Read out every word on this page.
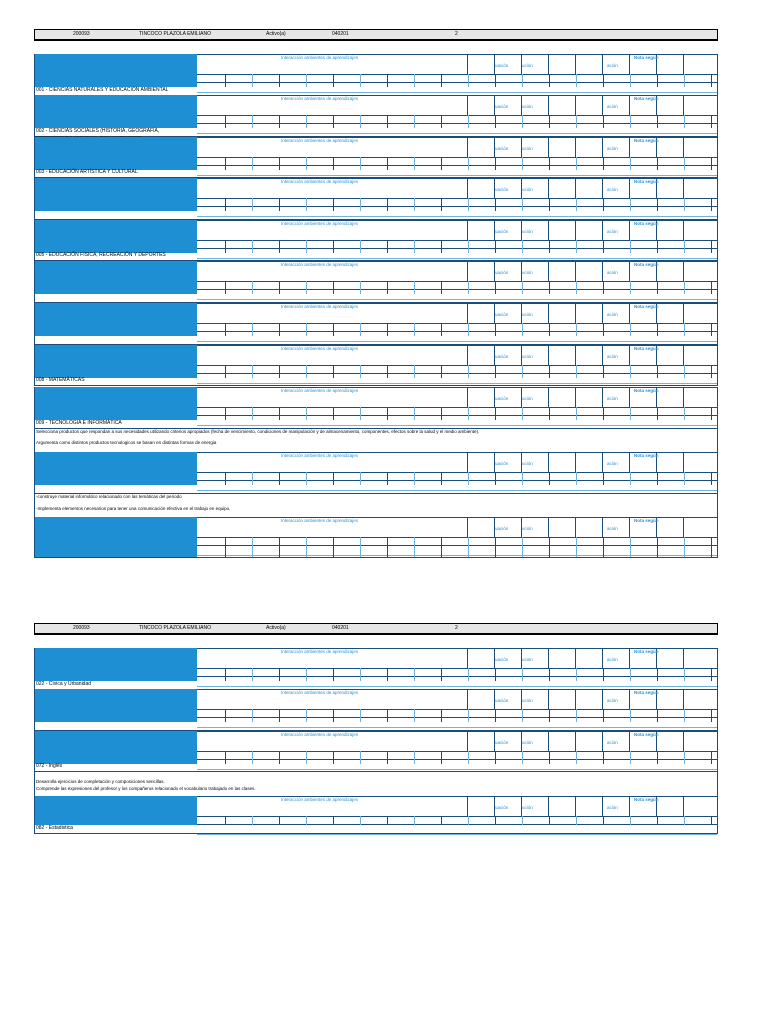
200093	TINCOCO PLAZOLA EMILIANO	Activo(a)	040201	2
Interacción ambientes de aprendizajes
uación	ución	ación
Nota según
001 - CIENCIAS NATURALES Y EDUCACIÓN AMBIENTAL
Interacción ambientes de aprendizajes
uación	ución	ación
Nota según
002 - CIENCIAS SOCIALES (HISTORIA, GEOGRAFÍA,
Interacción ambientes de aprendizajes
uación	ución	ación
Nota según
003 - EDUCACIÓN ARTÍSTICA Y CULTURAL
Interacción ambientes de aprendizajes
uación	ución	ación
Nota según
Interacción ambientes de aprendizajes
uación	ución	ación
Nota según
005 - EDUCACIÓN FÍSICA, RECREACIÓN Y DEPORTES
Interacción ambientes de aprendizajes
uación	ución	ación
Nota según
Interacción ambientes de aprendizajes
uación	ución	ación
Nota según
Interacción ambientes de aprendizajes
uación	ución	ación
Nota según
008 - MATEMÁTICAS
Interacción ambientes de aprendizajes
uación	ución	ación
Nota según
009 - TECNOLOGIA E INFORMÁTICA
Selecciona productos que respondan a sus necesidades utilizando criterios apropiados (fecha de vencimiento, condiciones de manipulación y de almacenamiento, componentes, efectos sobre la salud y el medio ambiente).
Argumenta como distintos productos tecnologicos se basan en distintas formas de energia
Interacción ambientes de aprendizajes
uación	ución	ación
Nota según
-construye material informático relacionado con las temáticas del periodo
-Implementa elementos necesarios para tener una comunicación efectiva en el trabajo en equipo.
Interacción ambientes de aprendizajes
uación	ución	ación
Nota según
200093	TINCOCO PLAZOLA EMILIANO	Activo(a)	040201	2
Interacción ambientes de aprendizajes
uación	ución	ación
Nota según
022 - Cívica y Urbanidad
Interacción ambientes de aprendizajes
uación	ución	ación
Nota según
Interacción ambientes de aprendizajes
uación	ución	ación
Nota según
072 - Inglés
Desarrolla ejercicios de completación y composiciones sencillas.
Comprende las expresiones del profesor y los compañeros relacionado el vocabulario trabajado en las clases.
Interacción ambientes de aprendizajes
uación	ución	ación
Nota según
082 - Estadistica
